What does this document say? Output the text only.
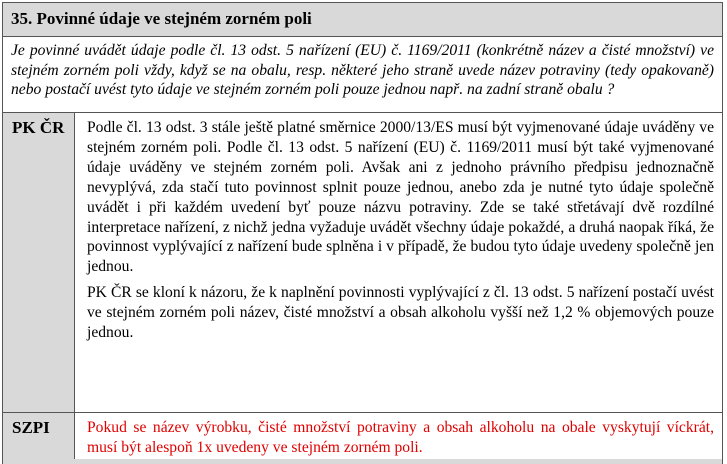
35. Povinné údaje ve stejném zorném poli
Je povinné uvádět údaje podle čl. 13 odst. 5 nařízení (EU) č. 1169/2011 (konkrétně název a čisté množství) ve stejném zorném poli vždy, když se na obalu, resp. některé jeho straně uvede název potraviny (tedy opakovaně) nebo postačí uvést tyto údaje ve stejném zorném poli pouze jednou např. na zadní straně obalu ?
PK ČR	Podle čl. 13 odst. 3 stále ještě platné směrnice 2000/13/ES musí být vyjmenované údaje uváděny ve stejném zorném poli. Podle čl. 13 odst. 5 nařízení (EU) č. 1169/2011 musí být také vyjmenované údaje uváděny ve stejném zorném poli. Avšak ani z jednoho právního předpisu jednoznačně nevyplývá, zda stačí tuto povinnost splnit pouze jednou, anebo zda je nutné tyto údaje společně uvádět i při každém uvedení byť pouze názvu potraviny. Zde se také střetávají dvě rozdílné interpretace nařízení, z nichž jedna vyžaduje uvádět všechny údaje pokaždé, a druhá naopak říká, že povinnost vyplývající z nařízení bude splněna i v případě, že budou tyto údaje uvedeny společně jen jednou.

PK ČR se kloní k názoru, že k naplnění povinnosti vyplývající z čl. 13 odst. 5 nařízení postačí uvést ve stejném zorném poli název, čisté množství a obsah alkoholu vyšší než 1,2 % objemových pouze jednou.

SZPI	Pokud se název výrobku, čisté množství potraviny a obsah alkoholu na obale vyskytují víckrát, musí být alespoň 1x uvedeny ve stejném zorném poli.
